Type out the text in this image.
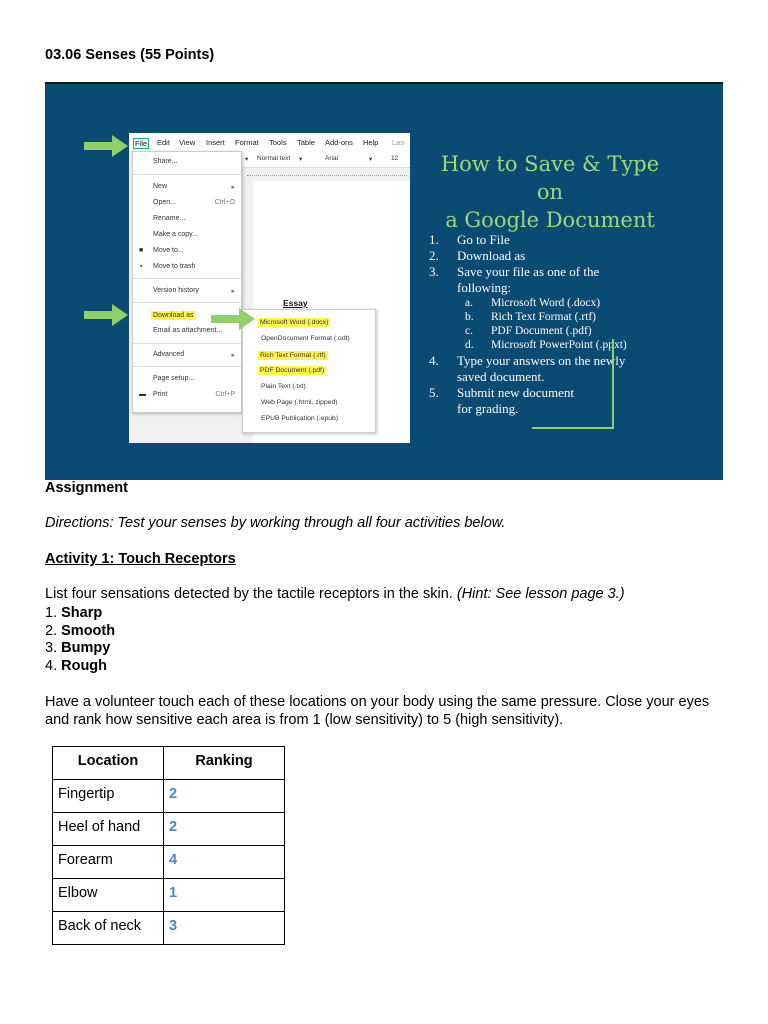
03.06 Senses (55 Points)
File Edit View Insert Format Tools Table Add-ons Help Las
▾ Normal text ▾	Arial	▾	12
Essay
Share...
New	▸
Open...	Ctrl+O
Rename...
Make a copy...
■ Move to...
▪ Move to trash
Version history	▸
Download as
Email as attachment...
Advanced	▸
Page setup...
▬ Print	Ctrl+P
Microsoft Word (.docx)
OpenDocument Format (.odt)
Rich Text Format (.rtf)
PDF Document (.pdf)
Plain Text (.txt)
Web Page (.html, zipped)
EPUB Publication (.epub)
How to Save & Type on
a Google Document
1. Go to File
2. Download as
3. Save your file as one of the
following:
a. Microsoft Word (.docx)
b. Rich Text Format (.rtf)
c. PDF Document (.pdf)
d. Microsoft PowerPoint (.ppxt)
4. Type your answers on the newly
saved document.
5. Submit new document
for grading.
Assignment
Directions: Test your senses by working through all four activities below.
Activity 1: Touch Receptors
List four sensations detected by the tactile receptors in the skin. (Hint: See lesson page 3.)
1. Sharp
2. Smooth
3. Bumpy
4. Rough
Have a volunteer touch each of these locations on your body using the same pressure. Close your eyes and rank how sensitive each area is from 1 (low sensitivity) to 5 (high sensitivity).
Location	Ranking
Fingertip	2
Heel of hand	2
Forearm	4
Elbow	1
Back of neck	3
